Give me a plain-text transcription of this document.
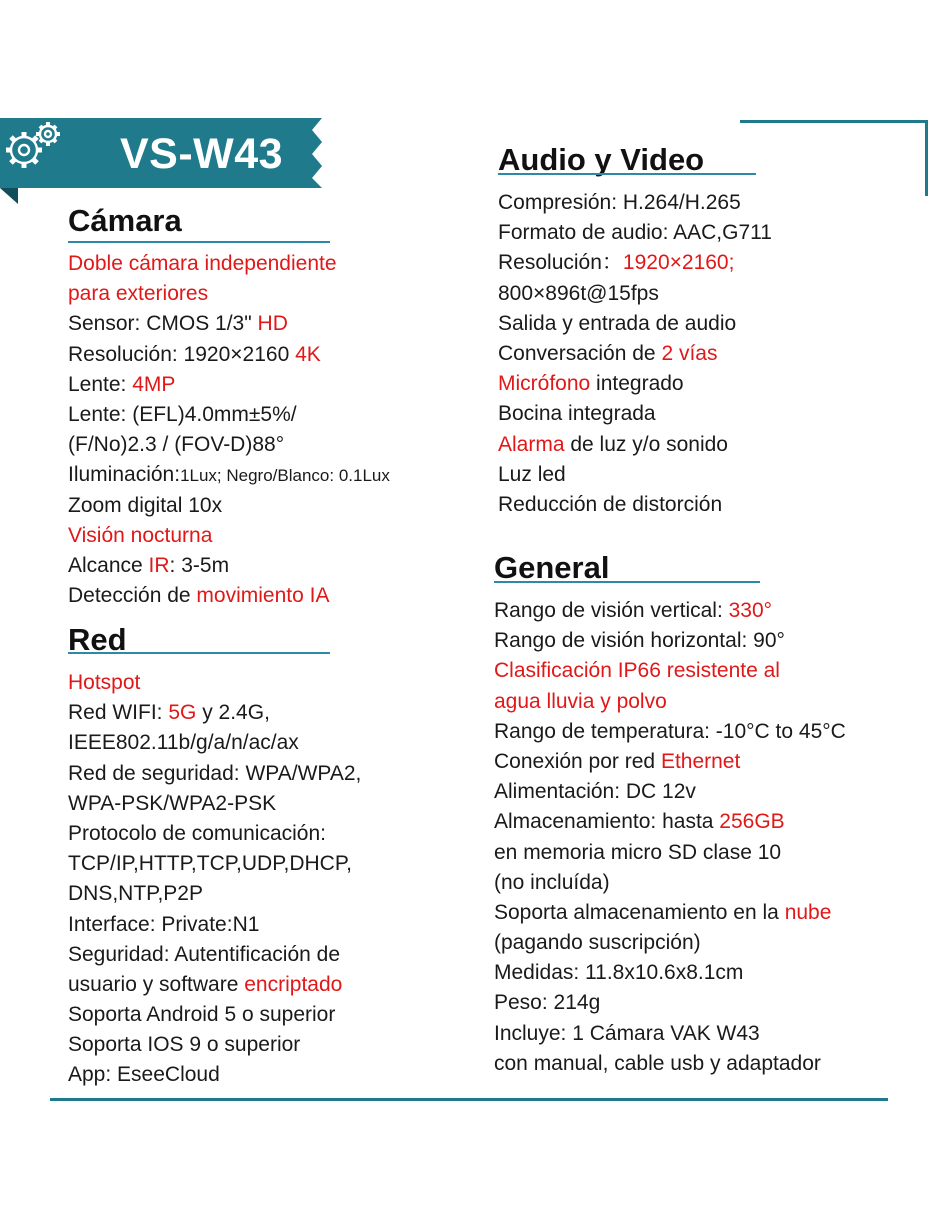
VS-W43
Cámara
Red
Audio y Video
General
Doble cámara independiente
para exteriores
Sensor: CMOS 1/3" HD
Resolución: 1920×2160 4K
Lente: 4MP
Lente: (EFL)4.0mm±5%/
(F/No)2.3 / (FOV-D)88°
Iluminación:1Lux; Negro/Blanco: 0.1Lux
Zoom digital 10x
Visión nocturna
Alcance IR: 3-5m
Detección de movimiento IA
Hotspot
Red WIFI: 5G y 2.4G,
IEEE802.11b/g/a/n/ac/ax
Red de seguridad: WPA/WPA2,
WPA-PSK/WPA2-PSK
Protocolo de comunicación:
TCP/IP,HTTP,TCP,UDP,DHCP,
DNS,NTP,P2P
Interface: Private:N1
Seguridad: Autentificación de
usuario y software encriptado
Soporta Android 5 o superior
Soporta IOS 9 o superior
App: EseeCloud
Compresión: H.264/H.265
Formato de audio: AAC,G711
Resolución：1920×2160;
800×896t@15fps
Salida y entrada de audio
Conversación de 2 vías
Micrófono integrado
Bocina integrada
Alarma de luz y/o sonido
Luz led
Reducción de distorción
Rango de visión vertical: 330°
Rango de visión horizontal: 90°
Clasificación IP66 resistente al
agua lluvia y polvo
Rango de temperatura: -10°C to 45°C
Conexión por red Ethernet
Alimentación: DC 12v
Almacenamiento: hasta 256GB
en memoria micro SD clase 10
(no incluída)
Soporta almacenamiento en la nube
(pagando suscripción)
Medidas: 11.8x10.6x8.1cm
Peso: 214g
Incluye: 1 Cámara VAK W43
con manual, cable usb y adaptador
